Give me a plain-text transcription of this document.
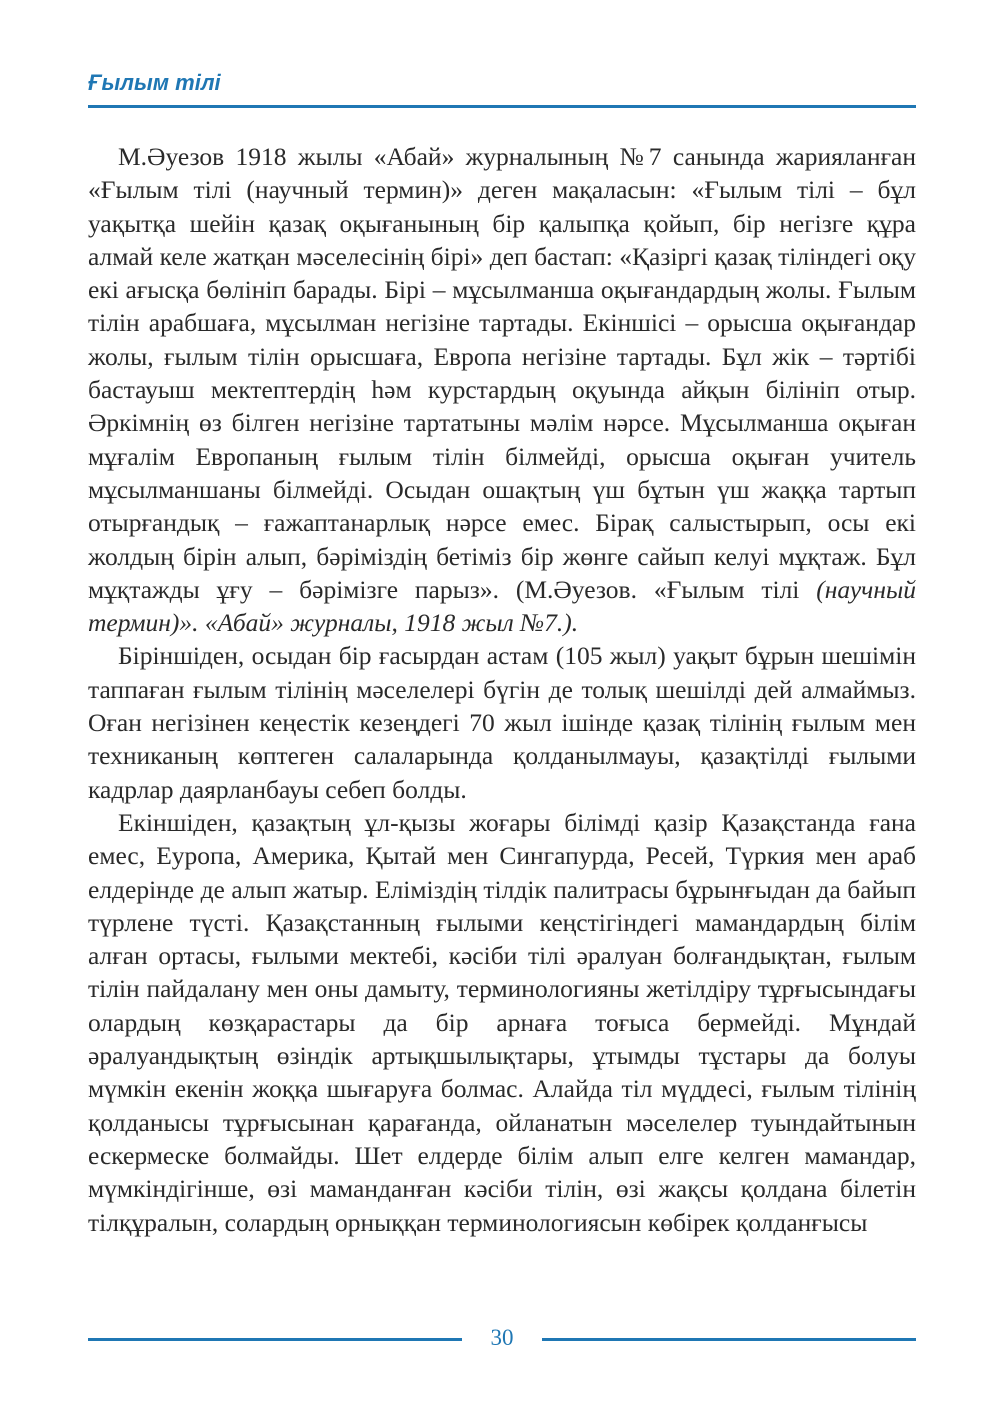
Ғылым тілі

М.Әуезов 1918 жылы «Абай» журналының №7 санында жарияланған «Ғылым тілі (научный термин)» деген мақаласын: «Ғылым тілі – бұл уақытқа шейін қазақ оқығанының бір қалыпқа қойып, бір негізге құра алмай келе жатқан мәселесінің бірі» деп бастап: «Қазіргі қазақ тіліндегі оқу екі ағысқа бөлініп барады. Бірі – мұсылманша оқығандардың жолы. Ғылым тілін арабшаға, мұсылман негізіне тартады. Екіншісі – орысша оқығандар жолы, ғылым тілін орысшаға, Европа негізіне тартады. Бұл жік – тәртібі бастауыш мектептердің һәм курстардың оқуында айқын білініп отыр. Әркімнің өз білген негізіне тартатыны мәлім нәрсе. Мұсылманша оқыған мұғалім Европаның ғылым тілін білмейді, орысша оқыған учитель мұсылманшаны білмейді. Осыдан ошақтың үш бұтын үш жаққа тартып отырғандық – ғажаптанарлық нәрсе емес. Бірақ салыстырып, осы екі жолдың бірін алып, бәріміздің бетіміз бір жөнге сайып келуі мұқтаж. Бұл мұқтажды ұғу – бәрімізге парыз». (М.Әуезов. «Ғылым тілі (научный термин)». «Абай» журналы, 1918 жыл №7.).

Біріншіден, осыдан бір ғасырдан астам (105 жыл) уақыт бұрын шешімін таппаған ғылым тілінің мәселелері бүгін де толық шешілді дей алмаймыз. Оған негізінен кеңестік кезеңдегі 70 жыл ішінде қазақ тілінің ғылым мен техниканың көптеген салаларында қолданылмауы, қазақтілді ғылыми кадрлар даярланбауы себеп болды.

Екіншіден, қазақтың ұл-қызы жоғары білімді қазір Қазақстанда ғана емес, Еуропа, Америка, Қытай мен Сингапурда, Ресей, Түркия мен араб елдерінде де алып жатыр. Еліміздің тілдік палитрасы бұрынғыдан да байып түрлене түсті. Қазақстанның ғылыми кеңстігіндегі мамандардың білім алған ортасы, ғылыми мектебі, кәсіби тілі әралуан болғандықтан, ғылым тілін пайдалану мен оны дамыту, терминологияны жетілдіру тұрғысындағы олардың көзқарастары да бір арнаға тоғыса бермейді. Мұндай әралуандықтың өзіндік артықшылықтары, ұтымды тұстары да болуы мүмкін екенін жоққа шығаруға болмас. Алайда тіл мүддесі, ғылым тілінің қолданысы тұрғысынан қарағанда, ойланатын мәселелер туындайтынын ескермеске болмайды. Шет елдерде білім алып елге келген мамандар, мүмкіндігінше, өзі маманданған кәсіби тілін, өзі жақсы қолдана білетін тілқұралын, солардың орныққан терминологиясын көбірек қолданғысы

30
